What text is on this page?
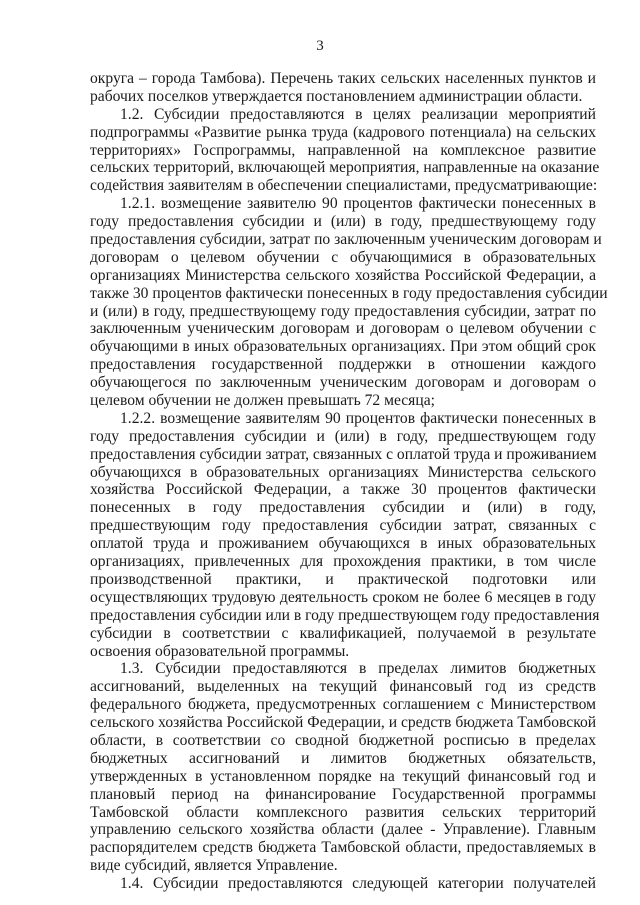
3
округа – города Тамбова). Перечень таких сельских населенных пунктов и
рабочих поселков утверждается постановлением администрации области.
1.2. Субсидии предоставляются в целях реализации мероприятий
подпрограммы «Развитие рынка труда (кадрового потенциала) на сельских
территориях» Госпрограммы, направленной на комплексное развитие
сельских территорий, включающей мероприятия, направленные на оказание
содействия заявителям в обеспечении специалистами, предусматривающие:
1.2.1. возмещение заявителю 90 процентов фактически понесенных в
году предоставления субсидии и (или) в году, предшествующему году
предоставления субсидии, затрат по заключенным ученическим договорам и
договорам о целевом обучении с обучающимися в образовательных
организациях Министерства сельского хозяйства Российской Федерации, а
также 30 процентов фактически понесенных в году предоставления субсидии
и (или) в году, предшествующему году предоставления субсидии, затрат по
заключенным ученическим договорам и договорам о целевом обучении с
обучающими в иных образовательных организациях. При этом общий срок
предоставления государственной поддержки в отношении каждого
обучающегося по заключенным ученическим договорам и договорам о
целевом обучении не должен превышать 72 месяца;
1.2.2. возмещение заявителям 90 процентов фактически понесенных в
году предоставления субсидии и (или) в году, предшествующем году
предоставления субсидии затрат, связанных с оплатой труда и проживанием
обучающихся в образовательных организациях Министерства сельского
хозяйства Российской Федерации, а также 30 процентов фактически
понесенных в году предоставления субсидии и (или) в году,
предшествующим году предоставления субсидии затрат, связанных с
оплатой труда и проживанием обучающихся в иных образовательных
организациях, привлеченных для прохождения практики, в том числе
производственной практики, и практической подготовки или
осуществляющих трудовую деятельность сроком не более 6 месяцев в году
предоставления субсидии или в году предшествующем году предоставления
субсидии в соответствии с квалификацией, получаемой в результате
освоения образовательной программы.
1.3. Субсидии предоставляются в пределах лимитов бюджетных
ассигнований, выделенных на текущий финансовый год из средств
федерального бюджета, предусмотренных соглашением с Министерством
сельского хозяйства Российской Федерации, и средств бюджета Тамбовской
области, в соответствии со сводной бюджетной росписью в пределах
бюджетных ассигнований и лимитов бюджетных обязательств,
утвержденных в установленном порядке на текущий финансовый год и
плановый период на финансирование Государственной программы
Тамбовской области комплексного развития сельских территорий
управлению сельского хозяйства области (далее - Управление). Главным
распорядителем средств бюджета Тамбовской области, предоставляемых в
виде субсидий, является Управление.
1.4. Субсидии предоставляются следующей категории получателей
